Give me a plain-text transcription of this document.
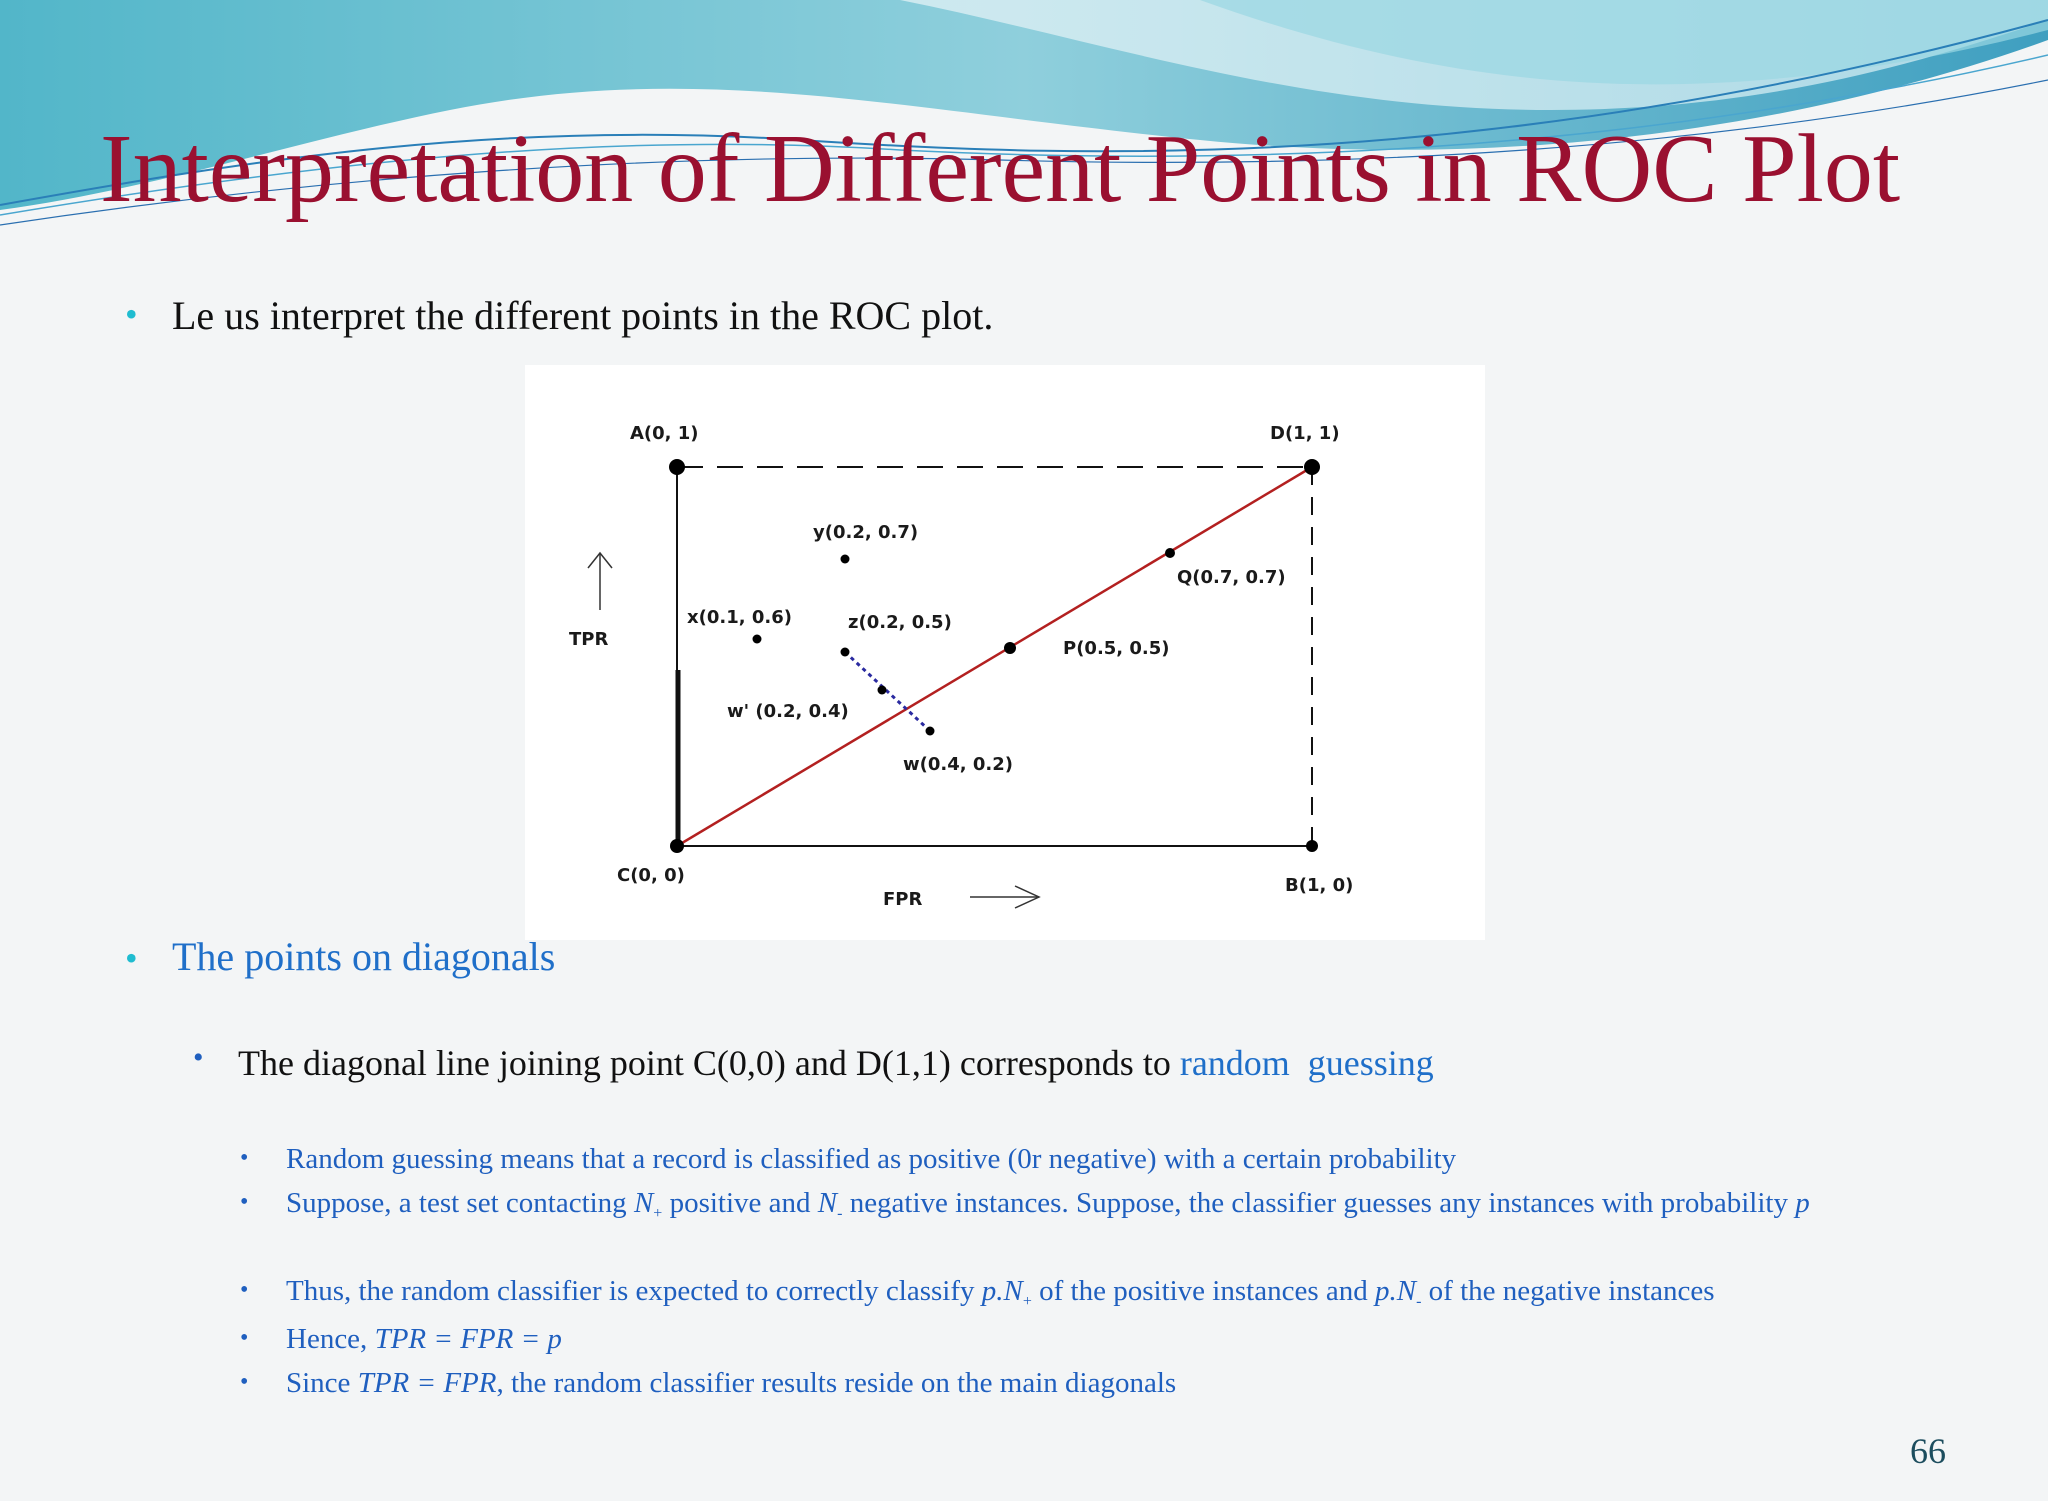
Interpretation of Different Points in ROC Plot
• Le us interpret the different points in the ROC plot.
A(0, 1)	D(1, 1)
C(0, 0)	B(1, 0)
y(0.2, 0.7)
x(0.1, 0.6)	z(0.2, 0.5)
P(0.5, 0.5)
Q(0.7, 0.7)
w' (0.2, 0.4)
w(0.4, 0.2)
TPR
FPR
• The points on diagonals
• The diagonal line joining point C(0,0) and D(1,1) corresponds to random  guessing
• Random guessing means that a record is classified as positive (0r negative) with a certain probability
• Suppose, a test set contacting $N_+$ positive and $N_-$ negative instances. Suppose, the classifier guesses any instances with probability p
• Thus, the random classifier is expected to correctly classify $p.N_+$ of the positive instances and $p.N_-$ of the negative instances
• Hence, TPR = FPR = p
• Since TPR = FPR, the random classifier results reside on the main diagonals
66
